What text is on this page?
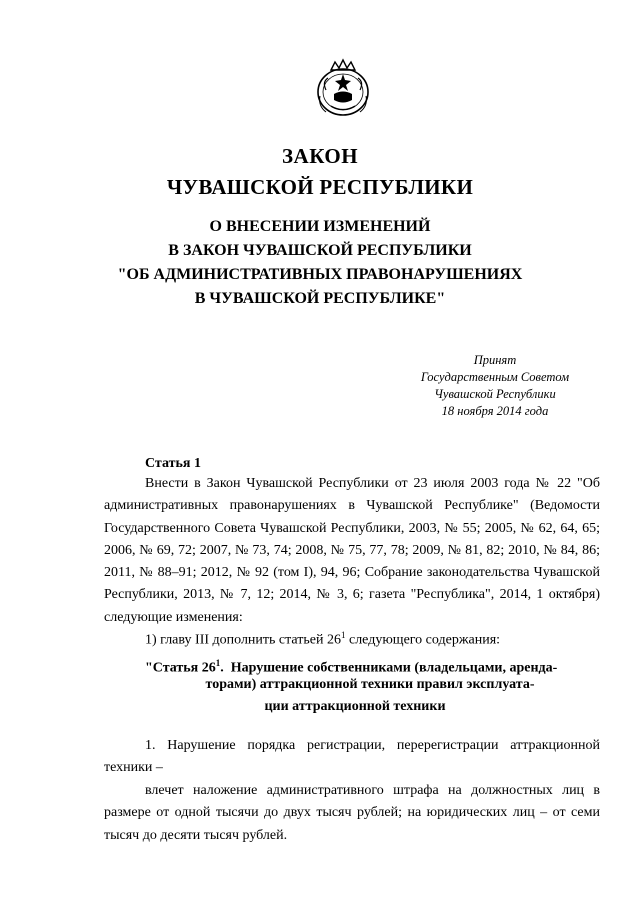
ЗАКОН
ЧУВАШСКОЙ РЕСПУБЛИКИ
О ВНЕСЕНИИ ИЗМЕНЕНИЙ
В ЗАКОН ЧУВАШСКОЙ РЕСПУБЛИКИ
"ОБ АДМИНИСТРАТИВНЫХ ПРАВОНАРУШЕНИЯХ
В ЧУВАШСКОЙ РЕСПУБЛИКЕ"
Принят
Государственным Советом
Чувашской Республики
18 ноября 2014 года
Статья 1
Внести в Закон Чувашской Республики от 23 июля 2003 года № 22 "Об административных правонарушениях в Чувашской Республике" (Ведомости Государственного Совета Чувашской Республики, 2003, № 55; 2005, № 62, 64, 65; 2006, № 69, 72; 2007, № 73, 74; 2008, № 75, 77, 78; 2009, № 81, 82; 2010, № 84, 86; 2011, № 88–91; 2012, № 92 (том I), 94, 96; Собрание законодательства Чувашской Республики, 2013, № 7, 12; 2014, № 3, 6; газета "Республика", 2014, 1 октября) следующие изменения:
1) главу III дополнить статьей $26^1$ следующего содержания:
"Статья $26^1$. Нарушение собственниками (владельцами, арендa-
торами) аттракционной техники правил эксплуата-
ции аттракционной техники
1. Нарушение порядка регистрации, перерегистрации аттракционной техники –
влечет наложение административного штрафа на должностных лиц в размере от одной тысячи до двух тысяч рублей; на юридических лиц – от семи тысяч до десяти тысяч рублей.
